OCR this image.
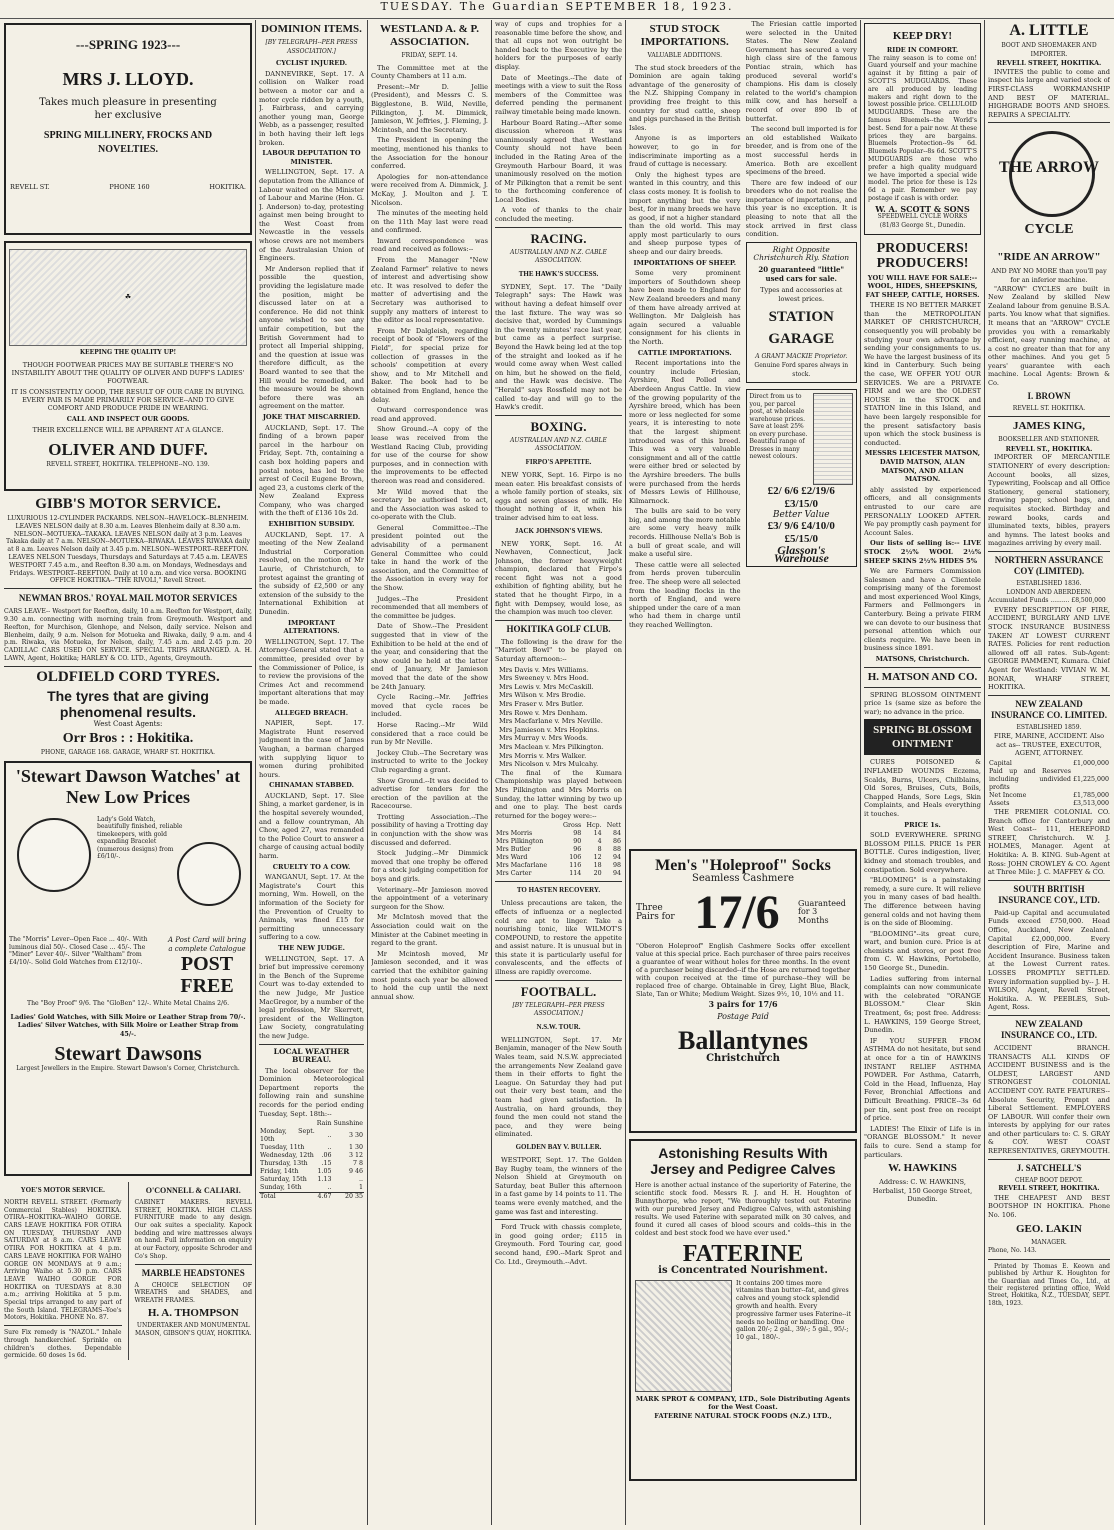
TUESDAY. The Guardian SEPTEMBER 18, 1923.
---SPRING 1923---
MRS J. LLOYD.
Takes much pleasure in presenting
her exclusive
SPRING MILLINERY, FROCKS AND
NOVELTIES.
REVELL ST.	PHONE 160	HOKITIKA.
☘
KEEPING THE QUALITY UP!
THOUGH FOOTWEAR PRICES MAY BE SUITABLE THERE'S NO INSTABILITY ABOUT THE QUALITY OF OLIVER AND DUFF'S LADIES' FOOTWEAR.
IT IS CONSISTENTLY GOOD, THE RESULT OF OUR CARE IN BUYING. EVERY PAIR IS MADE PRIMARILY FOR SERVICE--AND TO GIVE COMFORT AND PRODUCE PRIDE IN WEARING.
CALL AND INSPECT OUR GOODS.
THEIR EXCELLENCE WILL BE APPARENT AT A GLANCE.
OLIVER AND DUFF.
REVELL STREET, HOKITIKA. TELEPHONE--NO. 139.
GIBB'S MOTOR SERVICE.
LUXURIOUS 12-CYLINDER PACKARDS. NELSON--HAVELOCK--BLENHEIM. LEAVES NELSON daily at 8.30 a.m. Leaves Blenheim daily at 8.30 a.m. NELSON--MOTUEKA--TAKAKA. LEAVES NELSON daily at 3 p.m. Leaves Takaka daily at 7 a.m. NELSON--MOTUEKA--RIWAKA. LEAVES RIWAKA daily at 8 a.m. Leaves Nelson daily at 3.45 p.m. NELSON--WESTPORT--REEFTON. LEAVES NELSON Tuesdays, Thursdays and Saturdays at 7.45 a.m. LEAVES WESTPORT 7.45 a.m., and Reefton 8.30 a.m. on Mondays, Wednesdays and Fridays. WESTPORT--REEFTON. Daily at 10 a.m. and vice versa. BOOKING OFFICE HOKITIKA--"THE RIVOLI," Revell Street.
NEWMAN BROS.' ROYAL MAIL MOTOR SERVICES
CARS LEAVE-- Westport for Reefton, daily, 10 a.m. Reefton for Westport, daily, 9.30 a.m. connecting with morning train from Greymouth. Westport and Reefton, for Murchison, Glenhope, and Nelson, daily service. Nelson and Blenheim, daily, 9 a.m. Nelson for Motueka and Riwaka, daily, 9 a.m. and 4 p.m. Riwaka, via Motueka, for Nelson, daily, 7.45 a.m. and 2.45 p.m. 20 CADILLAC CARS USED ON SERVICE. SPECIAL TRIPS ARRANGED. A. H. LAWN, Agent, Hokitika; HARLEY & CO. LTD., Agents, Greymouth.
OLDFIELD CORD TYRES.
The tyres that are giving phenomenal results.
West Coast Agents:
Orr Bros : : Hokitika.
PHONE, GARAGE 168. GARAGE, WHARF ST. HOKITIKA.
'Stewart Dawson Watches' at New Low Prices
Lady's Gold Watch, beautifully finished, reliable timekeepers, with gold expanding Bracelet (numerous designs) from £6/10/-.
The "Morris" Lever--Open Face ... 40/-. With luminous dial 50/-. Closed Case ... 45/-. The "Miner" Lever 40/-. Silver "Waltham" from £4/10/-. Solid Gold Watches from £12/10/-.
A Post Card will bring a complete Catalogue
POST FREE
The "Boy Proof" 9/6. The "GloBen" 12/-. White Metal Chains 2/6.
Ladies' Gold Watches, with Silk Moire or Leather Strap from 70/-. Ladies' Silver Watches, with Silk Moire or Leather Strap from 45/-.
Stewart Dawsons
Largest Jewellers in the Empire. Stewart Dawson's Corner, Christchurch.
YOE'S MOTOR SERVICE.
NORTH REVELL STREET. (Formerly Commercial Stables) HOKITIKA. OTIRA--HOKITIKA--WAIHO GORGE. CARS LEAVE HOKITIKA FOR OTIRA ON TUESDAY, THURSDAY AND SATURDAY at 8 a.m. CARS LEAVE OTIRA FOR HOKITIKA at 4 p.m. CARS LEAVE HOKITIKA FOR WAIHO GORGE ON MONDAYS at 9 a.m.; Arriving Waiho at 5.30 p.m. CARS LEAVE WAIHO GORGE FOR HOKITIKA on TUESDAYS at 8.30 a.m.; arriving Hokitika at 5 p.m. Special trips arranged to any part of the South Island. TELEGRAMS--Yoe's Motors, Hokitika. PHONE No. 87.
Sure Fix remedy is "NAZOL." Inhale through handkerchief. Sprinkle on children's clothes. Dependable germicide. 60 doses 1s 6d.
O'CONNELL & CALIARI.
CABINET MAKERS. REVELL STREET, HOKITIKA. HIGH CLASS FURNITURE made to any design. Our oak suites a speciality. Kapock bedding and wire mattresses always on hand. Full information on enquiry at our Factory, opposite Schroder and Co's Shop.
MARBLE HEADSTONES
A CHOICE SELECTION OF WREATHS and SHADES, and WREATH FRAMES.
H. A. THOMPSON
UNDERTAKER AND MONUMENTAL MASON, GIBSON'S QUAY, HOKITIKA.
DOMINION ITEMS.
[BY TELEGRAPH--PER PRESS ASSOCIATION.]

CYCLIST INJURED.

DANNEVIRKE, Sept. 17. A collision on Walker road between a motor car and a motor cycle ridden by a youth, J. Fairbrass, and carrying another young man, George Webb, as a passenger, resulted in both having their left legs broken.

LABOUR DEPUTATION TO MINISTER.

WELLINGTON, Sept. 17. A deputation from the Alliance of Labour waited on the Minister of Labour and Marine (Hon. G. J. Anderson) to-day, protesting against men being brought to the West Coast from Newcastle in the vessels whose crews are not members of the Australasian Union of Engineers.

Mr Anderson replied that if possible the question, providing the legislature made the position, might be discussed later on at a conference. He did not think anyone wished to see any unfair competition, but the British Government had to protect all Imperial shipping, and the question at issue was therefore difficult, as the Board wanted to see that the Hill would be remedied, and the measure would be shown before there was an agreement on the matter.

JOKE THAT MISCARRIED.

AUCKLAND, Sept. 17. The finding of a brown paper parcel in the harbour on Friday, Sept. 7th, containing a cash box holding papers and postal notes, has led to the arrest of Cecil Eugene Brown, aged 23, a customs clerk of the New Zealand Express Company, who was charged with the theft of £136 10s 2d.

EXHIBITION SUBSIDY.

AUCKLAND, Sept. 17. A meeting of the New Zealand Industrial Corporation resolved, on the motion of Mr Laurie, of Christchurch, to protest against the granting of the subsidy of £2,500 or any extension of the subsidy to the International Exhibition at Dunedin.

IMPORTANT ALTERATIONS.

WELLINGTON, Sept. 17. The Attorney-General stated that a committee, presided over by the Commissioner of Police, is to review the provisions of the Crimes Act and recommend important alterations that may be made.

ALLEGED BREACH.

NAPIER, Sept. 17. Magistrate Hunt reserved judgment in the case of James Vaughan, a barman charged with supplying liquor to women during prohibited hours.

CHINAMAN STABBED.

AUCKLAND, Sept. 17. Slee Shing, a market gardener, is in the hospital severely wounded, and a fellow countryman, Ah Chow, aged 27, was remanded to the Police Court to answer a charge of causing actual bodily harm.

CRUELTY TO A COW.

WANGANUI, Sept. 17. At the Magistrate's Court this morning, Wm. Howell, on the information of the Society for the Prevention of Cruelty to Animals, was fined £15 for permitting unnecessary suffering to a cow.

THE NEW JUDGE.

WELLINGTON, Sept. 17. A brief but impressive ceremony in the Bench of the Supreme Court was to-day extended to the new Judge, Mr Justice MacGregor, by a number of the legal profession, Mr Skerrett, president of the Wellington Law Society, congratulating the new Judge.

LOCAL WEATHER BUREAU.

The local observer for the Dominion Meteorological Department reports the following rain and sunshine records for the period ending Tuesday, Sept. 18th:--

	Rain	Sunshine
Monday, Sept. 10th	..	3 30
Tuesday, 11th	..	1 30
Wednesday, 12th	.06	3 12
Thursday, 13th	.15	7 8
Friday, 14th	1.05	9 46
Saturday, 15th	1.13	..
Sunday, 16th	..	1
Total	4.67	20 35
WESTLAND A. & P. ASSOCIATION.
FRIDAY, SEPT. 14.

The Committee met at the County Chambers at 11 a.m.

Present:--Mr D. Jellie (President), and Messrs C. S. Bigglestone, B. Wild, Neville, Pilkington, J. M. Dimmick, Jamieson, W. Jeffries, J. Fleming, J. Mcintosh, and the Secretary.

The President in opening the meeting, mentioned his thanks to the Association for the honour conferred.

Apologies for non-attendance were received from A. Dimmick, J. McKay, J. Moulton and J. T. Nicolson.

The minutes of the meeting held on the 11th May last were read and confirmed.

Inward correspondence was read and received as follows:--

From the Manager "New Zealand Farmer" relative to news of interest and advertising show etc. It was resolved to defer the matter of advertising and the Secretary was authorised to supply any matters of interest to the editor as local representative.

From Mr Dalgleish, regarding receipt of book of "Flowers of the Field", for special prize for collection of grasses in the schools' competition at every show, and to Mr Mitchell and Baker. The book had to be obtained from England, hence the delay.

Outward correspondence was read and approved.

Show Ground.--A copy of the lease was received from the Westland Racing Club, providing for use of the course for show purposes, and in connection with the improvements to be effected thereon was read and considered.

Mr Wild moved that the secretary be authorised to act, and the Association was asked to co-operate with the Club.

General Committee.--The president pointed out the advisability of a permanent General Committee who could take in hand the work of the association, and the Committee of the Association in every way for the Show.

Judges.--The President recommended that all members of the committee be judges.

Date of Show.--The President suggested that in view of the Exhibition to be held at the end of the year, and considering that the show could be held at the latter end of January, Mr Jamieson moved that the date of the show be 24th January.

Cycle Racing.--Mr. Jeffries moved that cycle races be included.

Horse Racing.--Mr Wild considered that a race could be run by Mr Neville.

Jockey Club.--The Secretary was instructed to write to the Jockey Club regarding a grant.

Show Ground.--It was decided to advertise for tenders for the erection of the pavilion at the Racecourse.

Trotting Association.--The possibility of having a Trotting day in conjunction with the show was discussed and deferred.

Stock Judging.--Mr Dimmick moved that one trophy be offered for a stock judging competition for boys and girls.

Veterinary.--Mr Jamieson moved the appointment of a veterinary surgeon for the Show.

Mr McIntosh moved that the Association could wait on the Minister at the Cabinet meeting in regard to the grant.

Mr Mcintosh moved, Mr Jamieson seconded, and it was carried that the exhibitor gaining most points each year be allowed to hold the cup until the next annual show.

way of cups and trophies for a reasonable time before the show, and that all cups not won outright be handed back to the Executive by the holders for the purposes of early display.

Date of Meetings.--The date of meetings with a view to suit the Ross members of the Committee was deferred pending the permanent railway timetable being made known.

Harbour Board Rating.--After some discussion whereon it was unanimously agreed that Westland County should not have been included in the Rating Area of the Greymouth Harbour Board, it was unanimously resolved on the motion of Mr Pilkington that a remit be sent to the forthcoming conference of Local Bodies.

A vote of thanks to the chair concluded the meeting.

RACING.
AUSTRALIAN AND N.Z. CABLE ASSOCIATION.
THE HAWK'S SUCCESS.

SYDNEY, Sept. 17. The "Daily Telegraph" says: The Hawk was without having a defeat himself over the last fixture. The way was so decisive that, worded by Cummings in the twenty minutes' race last year, but came as a perfect surprise. Beyond the Hawk being led at the top of the straight and looked as if he would come away when West called on him, but he showed on the field, and the Hawk was decisive. The "Herald" says Rossfield may not be called to-day and will go to the Hawk's credit.

BOXING.
AUSTRALIAN AND N.Z. CABLE ASSOCIATION.
FIRPO'S APPETITE.

NEW YORK, Sept. 16. Firpo is no mean eater. His breakfast consists of a whole family portion of steaks, six eggs and seven glasses of milk. He thought nothing of it, when his trainer advised him to eat less.

JACK JOHNSON'S VIEWS.

NEW YORK, Sept. 16. At Newhaven, Connecticut, Jack Johnson, the former heavyweight champion, declared that Firpo's recent fight was not a good exhibition of fighting ability, but he stated that he thought Firpo, in a fight with Dempsey, would lose, as the champion was much too clever.

HOKITIKA GOLF CLUB.

The following is the draw for the "Marriott Bowl" to be played on Saturday afternoon:--

Mrs Davis v. Mrs Williams.
Mrs Sweeney v. Mrs Hood.
Mrs Lewis v. Mrs McCaskill.
Mrs Wilson v. Mrs Brodie.
Mrs Fraser v. Mrs Butler.
Mrs Rowe v. Mrs Denham.
Mrs Macfarlane v. Mrs Neville.
Mrs Jamieson v. Mrs Hopkins.
Mrs Murray v. Mrs Woods.
Mrs Maclean v. Mrs Pilkington.
Mrs Morris v. Mrs Walker.
Mrs Nicolson v. Mrs Mulcahy.

The final of the Kumara Championship was played between Mrs Pilkington and Mrs Morris on Sunday, the latter winning by two up and one to play. The best cards returned for the bogey were:--

	Gross	Hcp.	Nett
Mrs Morris	98	14	84
Mrs Pilkington	90	4	86
Mrs Butler	96	8	88
Mrs Ward	106	12	94
Mrs Macfarlane	116	18	98
Mrs Carter	114	20	94
TO HASTEN RECOVERY.

Unless precautions are taken, the effects of influenza or a neglected cold are apt to linger. Take a nourishing tonic, like WILMOT'S COMPOUND, to restore the appetite and assist nature. It is unusual but in this state it is particularly useful for convalescents, and the effects of illness are rapidly overcome.

FOOTBALL.
[BY TELEGRAPH--PER PRESS ASSOCIATION.]
N.S.W. TOUR.

WELLINGTON, Sept. 17. Mr Benjamin, manager of the New South Wales team, said N.S.W. appreciated the arrangements New Zealand gave them in their efforts to fight the League. On Saturday they had put out their very best team, and the team had given satisfaction. In Australia, on hard grounds, they found the men could not stand the pace, and they were being eliminated.

GOLDEN BAY V. BULLER.

WESTPORT, Sept. 17. The Golden Bay Rugby team, the winners of the Nelson Shield at Greymouth on Saturday, beat Buller this afternoon in a fast game by 14 points to 11. The teams were evenly matched, and the game was fast and interesting.

Ford Truck with chassis complete, in good going order; £115 in Greymouth. Ford Touring car, good second hand, £90.--Mark Sprot and Co. Ltd., Greymouth.--Advt.

STUD STOCK IMPORTATIONS.
VALUABLE ADDITIONS.

The stud stock breeders of the Dominion are again taking advantage of the generosity of the N.Z. Shipping Company in providing free freight to this country for stud cattle, sheep and pigs purchased in the British Isles.

Anyone is as importers however, to go in for indiscriminate importing as a fraud of cuttage is necessary.

Only the highest types are wanted in this country, and this class costs money. It is foolish to import anything but the very best, for in many breeds we have as good, if not a higher standard than the old world. This may apply most particularly to ours and sheep purpose types of sheep and our dairy breeds.

IMPORTATIONS OF SHEEP.

Some very prominent importers of Southdown sheep have been made to England for New Zealand breeders and many of them have already arrived at Wellington. Mr Dalgleish has again secured a valuable consignment for his clients in the North.

CATTLE IMPORTATIONS.

Recent importations into the country include Friesian, Ayrshire, Red Polled and Aberdeen Angus Cattle. In view of the growing popularity of the Ayrshire breed, which has been more or less neglected for some years, it is interesting to note that the largest shipment introduced was of this breed. This was a very valuable consignment and all of the cattle were either bred or selected by the Ayrshire breeders. The bulls were purchased from the herds of Messrs Lewis of Hillhouse, Kilmarnock.

The bulls are said to be very big, and among the more notable are some very heavy milk records. Hillhouse Nella's Bob is a bull of great scale, and will make a useful sire.

These cattle were all selected from herds proven tuberculin free. The sheep were all selected from the leading flocks in the north of England, and were shipped under the care of a man who had them in charge until they reached Wellington.

The Friesian cattle imported were selected in the United States. The New Zealand Government has secured a very high class sire of the famous Pontiac strain, which has produced several world's champions. His dam is closely related to the world's champion milk cow, and has herself a record of over 890 lb of butterfat.

The second bull imported is for an old established Waikato breeder, and is from one of the most successful herds in America. Both are excellent specimens of the breed.

There are few indeed of our breeders who do not realise the importance of importations, and this year is no exception. It is pleasing to note that all the stock arrived in first class condition.

Right Opposite Christchurch Rly. Station
20 guaranteed "little" used cars for sale.
Types and accessories at lowest prices.
STATION GARAGE
A GRANT MACKIE Proprietor.
Genuine Ford spares always in stock.
Direct from us to you, per parcel post, at wholesale warehouse prices. Save at least 25% on every purchase. Beautiful range of Dresses in many newest colours.
£2/ 6/6 £2/19/6 £3/15/0
Better Value
£3/ 9/6 £4/10/0 £5/15/0
Glasson's Warehouse
Men's "Holeproof" Socks
Seamless Cashmere
Three Pairs for 17/6 Guaranteed for 3 Months
"Oberon Holeproof" English Cashmere Socks offer excellent value at this special price. Each purchaser of three pairs receives a guarantee of wear without holes for three months. In the event of a purchaser being discarded--if the Hose are returned together with coupon received at the time of purchase--they will be replaced free of charge. Obtainable in Grey, Light Blue, Black, Slate, Tan or White; Medium Weight. Sizes 9½, 10, 10½ and 11.
3 pairs for 17/6
Postage Paid
Ballantynes
Christchurch
Astonishing Results With Jersey and Pedigree Calves
Here is another actual instance of the superiority of Faterine, the scientific stock food. Messrs R. J. and H. H. Houghton of Bunnythorpe, who report, "We thoroughly tested out Faterine with our purebred Jersey and Pedigree Calves, with astonishing results. We used Faterine with separated milk on 30 calves, and found it cured all cases of blood scours and colds--this in the coldest and best stock food we have ever used."
FATERINE
is Concentrated Nourishment.
It contains 200 times more vitamins than butter--fat, and gives calves and young stock splendid growth and health. Every progressive farmer uses Faterine--it needs no boiling or handling. One gallon 20/-; 2 gal., 39/-; 5 gal., 95/-; 10 gal., 180/-.
MARK SPROT & COMPANY, LTD., Sole Distributing Agents for the West Coast.
FATERINE NATURAL STOCK FOODS (N.Z.) LTD.,
KEEP DRY!
RIDE IN COMFORT.
The rainy season is to come on! Guard yourself and your machine against it by fitting a pair of SCOTT'S MUDGUARDS. These are all produced by leading makers and right down to the lowest possible price. CELLULOID MUDGUARDS. These are the famous Bluemels--the World's best. Send for a pair now. At these prices they are bargains. Bluemels Protection--9s 6d. Bluemels Popular--8s 6d. SCOTT'S MUDGUARDS are those who prefer a high quality mudguard we have imported a special wide model. The price for these is 12s 6d a pair. Remember we pay postage if cash is with order.
W. A. SCOTT & SONS
SPEEDWELL CYCLE WORKS (81/83 George St., Dunedin.
PRODUCERS! PRODUCERS!

YOU WILL HAVE FOR SALE:-- WOOL, HIDES, SHEEPSKINS, FAT SHEEP, CATTLE, HORSES.

THERE IS NO BETTER MARKET than the METROPOLITAN MARKET OF CHRISTCHURCH, consequently you will probably be studying your own advantage by sending your consignments to us. We have the largest business of its kind in Canterbury. Such being the case, WE OFFER YOU OUR SERVICES. We are a PRIVATE FIRM and we are the OLDEST HOUSE in the STOCK and STATION line in this Island, and have been largely responsible for the present satisfactory basis upon which the stock business is conducted.

MESSRS LEICESTER MATSON, DAVID MATSON, ALAN MATSON, AND ALLAN MATSON.

ably assisted by experienced officers, and all consignments entrusted to our care are PERSONALLY LOOKED AFTER. We pay promptly cash payment for Account Sales.

Our lists of selling is:-- LIVE STOCK 2½% WOOL 2½% SHEEP SKINS 2½% HIDES 5%

We are Farmers Commission Salesmen and have a Clientele comprising many of the foremost and most experienced Wool Kings, Farmers and Fellmongers in Canterbury. Being a private FIRM we can devote to our business that personal attention which our clients require. We have been in business since 1891.

MATSONS, Christchurch.

H. MATSON AND CO.

SPRING BLOSSOM OINTMENT price 1s (same size as before the war); no advance in the price.

SPRING BLOSSOM OINTMENT

CURES POISONED & INFLAMED WOUNDS Eczema, Scalds, Burns, Ulcers, Chilblains, Old Sores, Bruises, Cuts, Boils, Chapped Hands, Sore Legs, Skin Complaints, and Heals everything it touches.

PRICE 1s.

SOLD EVERYWHERE. SPRING BLOSSOM PILLS. PRICE 1s PER BOTTLE. Cures indigestion, liver, kidney and stomach troubles, and constipation. Sold everywhere.

"BLOOMING" is a painstaking remedy, a sure cure. It will relieve you in many cases of bad health. The difference between having general colds and not having them is on the side of Blooming.

"BLOOMING"--its great cure, wart, and bunion cure. Price is at chemists and stores, or post free from C. W. Hawkins, Portobello, 150 George St., Dunedin.

Ladies suffering from internal complaints can now communicate with the celebrated "ORANGE BLOSSOM." Clear Skin Treatment, 6s; post free. Address: L. HAWKINS, 159 George Street, Dunedin.

IF YOU SUFFER FROM ASTHMA do not hesitate, but send at once for a tin of HAWKINS INSTANT RELIEF ASTHMA POWDER. For Asthma, Catarrh, Cold in the Head, Influenza, Hay Fever, Bronchial Affections and Difficult Breathing. PRICE--3s 6d per tin, sent post free on receipt of price.

LADIES! The Elixir of Life is in "ORANGE BLOSSOM." It never fails to cure. Send a stamp for particulars.

W. HAWKINS

Address: C. W. HAWKINS, Herbalist, 150 George Street, Dunedin.

A. LITTLE
BOOT AND SHOEMAKER AND IMPORTER.
REVELL STREET, HOKITIKA.

INVITES the public to come and inspect his large and varied stock of FIRST-CLASS WORKMANSHIP AND BEST OF MATERIAL. HIGHGRADE BOOTS AND SHOES. REPAIRS A SPECIALITY.

THE ARROW
CYCLE
"RIDE AN ARROW"
AND PAY NO MORE than you'll pay for an inferior machine.

"ARROW" CYCLES are built in New Zealand by skilled New Zealand labour from genuine B.S.A. parts. You know what that signifies. It means that an "ARROW" CYCLE provides you with a remarkably efficient, easy running machine, at a cost no greater than that for any other machines. And you get 5 years' guarantee with each machine. Local Agents: Brown & Co.

I. BROWN
REVELL ST. HOKITIKA.
JAMES KING,
BOOKSELLER AND STATIONER.
REVELL ST., HOKITIKA.

IMPORTER OF MERCANTILE STATIONERY of every description: Account books, all sizes, Typewriting, Foolscap and all Office Stationery, general stationery, drawing paper, school bags, and requisites stocked. Birthday and reward books, cards and illuminated texts, bibles, prayers and hymns. The latest books and magazines arriving by every mail.

NORTHERN ASSURANCE COY (LIMITED).
ESTABLISHED 1836.
LONDON AND ABERDEEN.
Accumulated Funds .......... £8,500,000

EVERY DESCRIPTION OF FIRE, ACCIDENT, BURGLARY AND LIVE STOCK INSURANCE BUSINESS TAKEN AT LOWEST CURRENT RATES. Policies for rent reduction allowed off all rates. Sub-Agent: GEORGE PAMMENT, Kumara. Chief Agent for Westland: VIVIAN W. M. BONAR, WHARF STREET, HOKITIKA.

NEW ZEALAND INSURANCE CO. LIMITED.
ESTABLISHED 1859.

FIRE, MARINE, ACCIDENT. Also act as-- TRUSTEE, EXECUTOR, AGENT, ATTORNEY.

Capital	£1,000,000
Paid up and Reserves including undivided profits	£1,225,000
Net Income	£1,785,000
Assets	£3,513,000

THE PREMIER COLONIAL CO. Branch office for Canterbury and West Coast-- 111, HEREFORD STREET, Christchurch. W. J. HOLMES, Manager. Agent at Hokitika: A. B. KING. Sub-Agent at Ross: JOHN CROWLEY & CO. Agent at Three Mile: J. C. MAFFEY & CO.

SOUTH BRITISH INSURANCE COY., LTD.

Paid-up Capital and accumulated Funds exceed £750,000. Head Office, Auckland, New Zealand. Capital £2,000,000. Every description of Fire, Marine and Accident Insurance. Business taken at the Lowest Current rates. LOSSES PROMPTLY SETTLED. Every information supplied by-- J. H. WILSON, Agent, Revell Street, Hokitika. A. W. PEEBLES, Sub-Agent, Ross.

NEW ZEALAND INSURANCE CO., LTD.

ACCIDENT BRANCH. TRANSACTS ALL KINDS OF ACCIDENT BUSINESS and is the OLDEST, LARGEST AND STRONGEST COLONIAL ACCIDENT COY. RATE FEATURES--Absolute Security, Prompt and Liberal Settlement. EMPLOYERS OF LABOUR. Will confer their own interests by applying for our rates and other particulars to: C. S. GRAY & COY. WEST COAST REPRESENTATIVES, GREYMOUTH.

J. SATCHELL'S
CHEAP BOOT DEPOT.
REVELL STREET, HOKITIKA.

THE CHEAPEST AND BEST BOOTSHOP IN HOKITIKA. Phone No. 106.

GEO. LAKIN
MANAGER.
Phone, No. 143.

Printed by Thomas E. Keown and published by Arthur K. Houghton for the Guardian and Times Co., Ltd., at their registered printing office, Weld Street, Hokitika, N.Z., TUESDAY, SEPT. 18th, 1923.
